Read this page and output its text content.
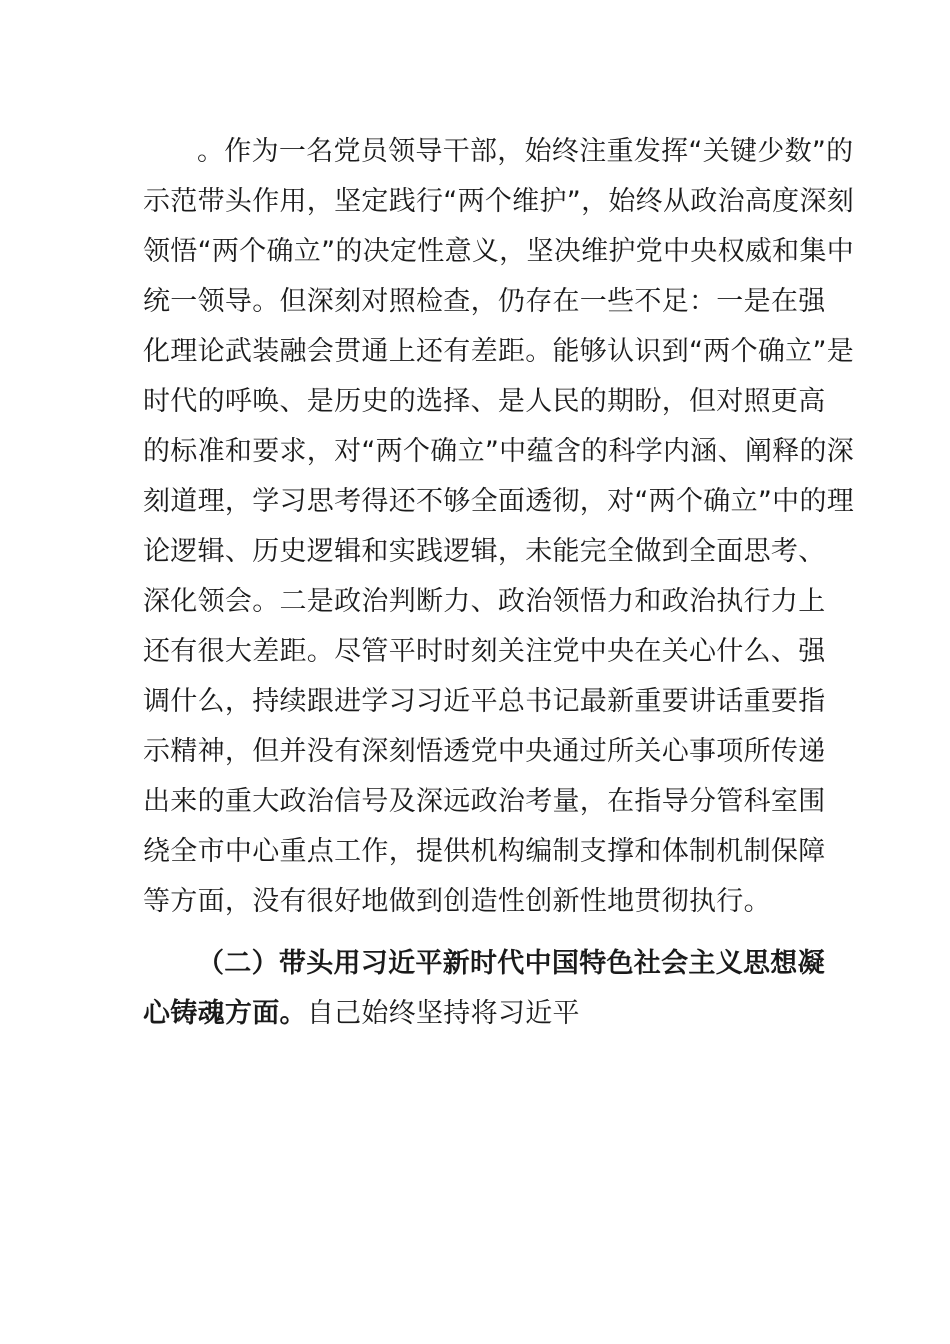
。作为一名党员领导干部，始终注重发挥“关键少数”的
示范带头作用，坚定践行“两个维护”，始终从政治高度深刻
领悟“两个确立”的决定性意义，坚决维护党中央权威和集中
统一领导。但深刻对照检查，仍存在一些不足：一是在强
化理论武装融会贯通上还有差距。能够认识到“两个确立”是
时代的呼唤、是历史的选择、是人民的期盼，但对照更高
的标准和要求，对“两个确立”中蕴含的科学内涵、阐释的深
刻道理，学习思考得还不够全面透彻，对“两个确立”中的理
论逻辑、历史逻辑和实践逻辑，未能完全做到全面思考、
深化领会。二是政治判断力、政治领悟力和政治执行力上
还有很大差距。尽管平时时刻关注党中央在关心什么、强
调什么，持续跟进学习习近平总书记最新重要讲话重要指
示精神，但并没有深刻悟透党中央通过所关心事项所传递
出来的重大政治信号及深远政治考量，在指导分管科室围
绕全市中心重点工作，提供机构编制支撑和体制机制保障
等方面，没有很好地做到创造性创新性地贯彻执行。
（二）带头用习近平新时代中国特色社会主义思想凝
心铸魂方面。自己始终坚持将习近平
